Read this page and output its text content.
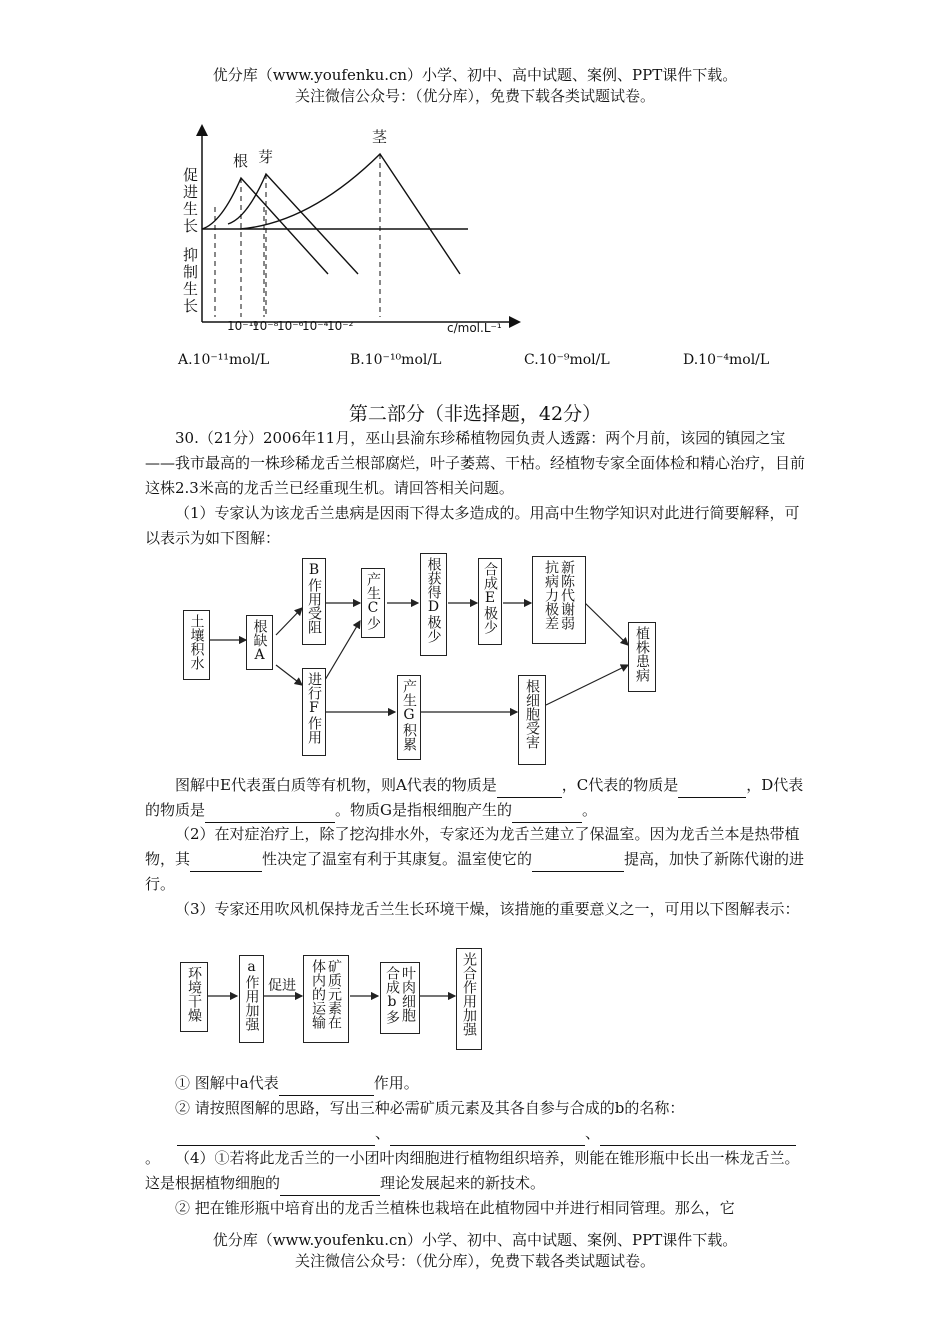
优分库（www.youfenku.cn）小学、初中、高中试题、案例、PPT课件下载。
关注微信公众号：（优分库），免费下载各类试题试卷。
促进生长
抑制生长
根 芽
茎
10⁻¹⁰
10⁻⁸
10⁻⁶
10⁻⁴
10⁻²	c/mol.L⁻¹
A.10⁻¹¹mol/L	B.10⁻¹⁰mol/L	C.10⁻⁹mol/L	D.10⁻⁴mol/L
第二部分（非选择题，42分）
30.（21分）2006年11月，巫山县渝东珍稀植物园负责人透露：两个月前，该园的镇园之宝——我市最高的一株珍稀龙舌兰根部腐烂，叶子萎蔫、干枯。经植物专家全面体检和精心治疗，目前这株2.3米高的龙舌兰已经重现生机。请回答相关问题。
（1）专家认为该龙舌兰患病是因雨下得太多造成的。用高中生物学知识对此进行简要解释，可以表示为如下图解：
土壤积水	根缺A
B作用受阻	产生C少	根获得D极少	合成E极少	抗病力极差 新陈代谢弱
植株患病
进行F作用	产生G积累	根细胞受害
图解中E代表蛋白质等有机物，则A代表的物质是	，C代表的物质是	，D代表的物质是	。物质G是指根细胞产生的	。
（2）在对症治疗上，除了挖沟排水外，专家还为龙舌兰建立了保温室。因为龙舌兰本是热带植物，其	性决定了温室有利于其康复。温室使它的	提高，加快了新陈代谢的进行。
（3）专家还用吹风机保持龙舌兰生长环境干燥，该措施的重要意义之一，可用以下图解表示：
促进
环境干燥	a作用加强	体内的运输 矿质元素在	合成b多 叶肉细胞	光合作用加强
① 图解中a代表	作用。
② 请按照图解的思路，写出三种必需矿质元素及其各自参与合成的b的名称：
、	、。 （4）①若将此龙舌兰的一小团叶肉细胞进行植物组织培养，则能在锥形瓶中长出一株龙舌兰。这是根据植物细胞的	理论发展起来的新技术。
② 把在锥形瓶中培育出的龙舌兰植株也栽培在此植物园中并进行相同管理。那么，它
优分库（www.youfenku.cn）小学、初中、高中试题、案例、PPT课件下载。
关注微信公众号：（优分库），免费下载各类试题试卷。
